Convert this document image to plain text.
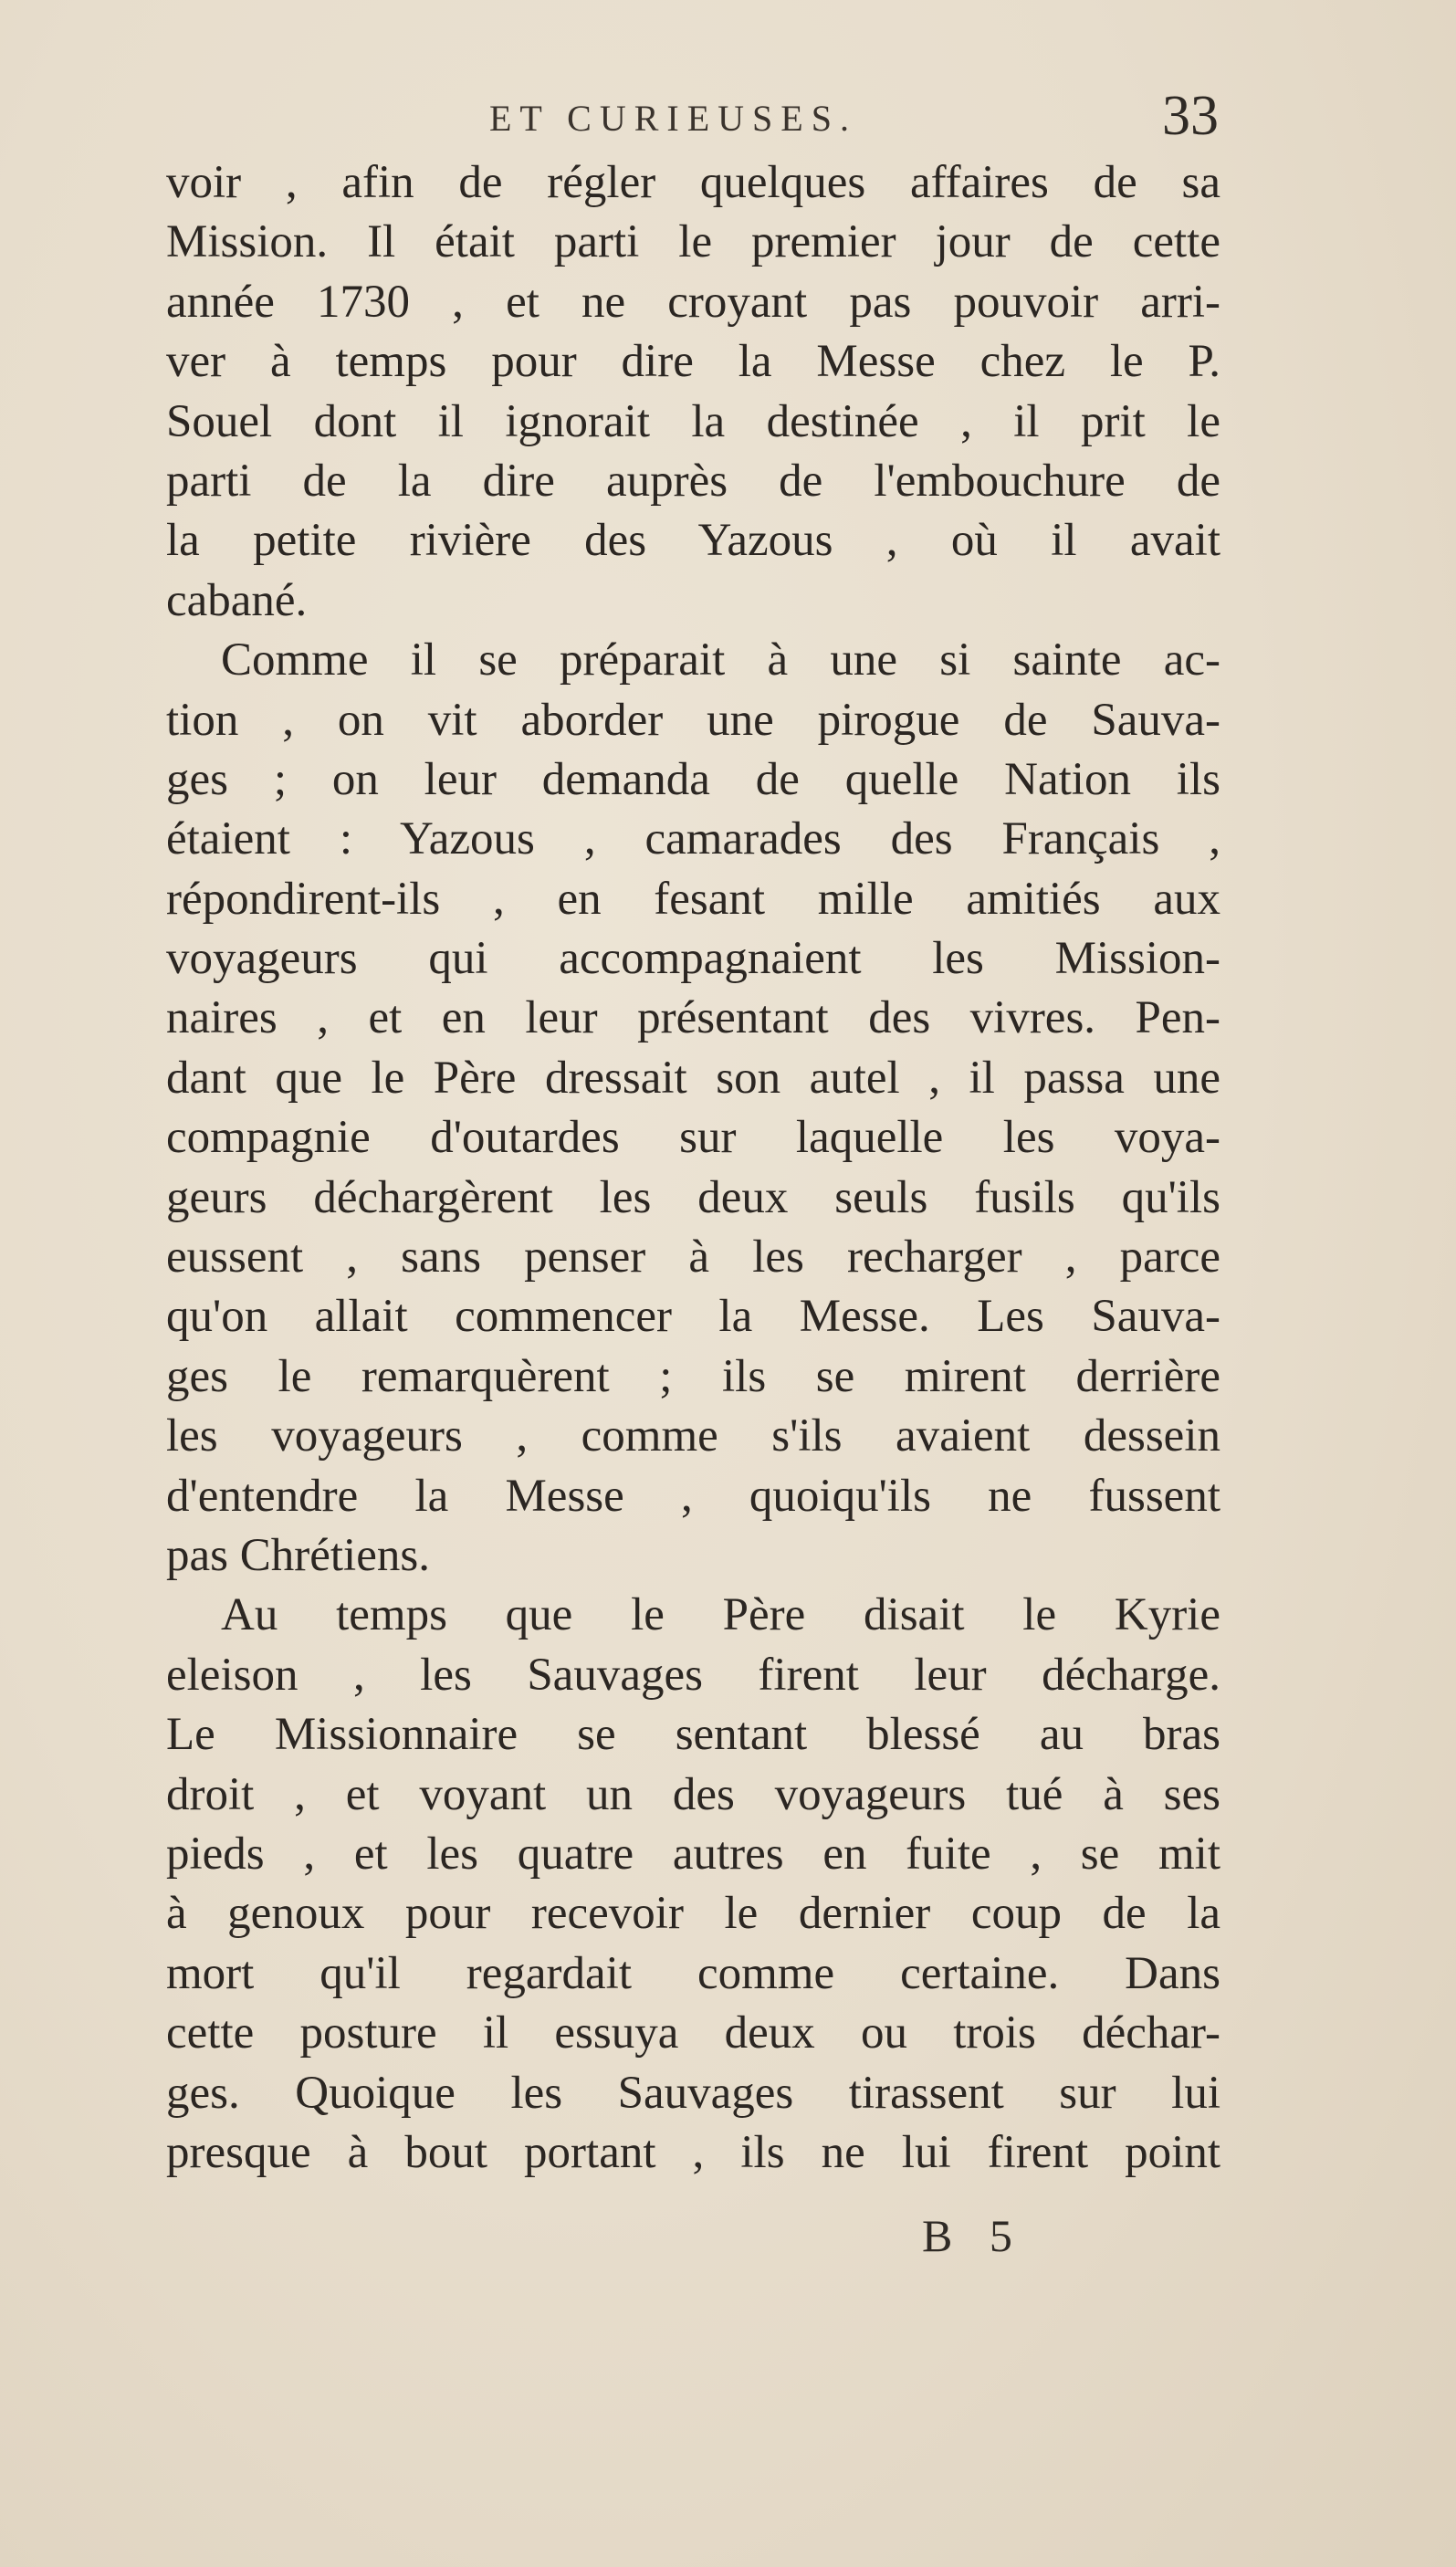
ET CURIEUSES.	33
voir , afin de régler quelques affaires de sa
Mission. Il était parti le premier jour de cette
année 1730 , et ne croyant pas pouvoir arri-
ver à temps pour dire la Messe chez le P.
Souel dont il ignorait la destinée , il prit le
parti de la dire auprès de l'embouchure de
la petite rivière des Yazous , où il avait
cabané.
Comme il se préparait à une si sainte ac-
tion , on vit aborder une pirogue de Sauva-
ges ; on leur demanda de quelle Nation ils
étaient : Yazous , camarades des Français ,
répondirent-ils , en fesant mille amitiés aux
voyageurs qui accompagnaient les Mission-
naires , et en leur présentant des vivres. Pen-
dant que le Père dressait son autel , il passa une
compagnie d'outardes sur laquelle les voya-
geurs déchargèrent les deux seuls fusils qu'ils
eussent , sans penser à les recharger , parce
qu'on allait commencer la Messe. Les Sauva-
ges le remarquèrent ; ils se mirent derrière
les voyageurs , comme s'ils avaient dessein
d'entendre la Messe , quoiqu'ils ne fussent
pas Chrétiens.
Au temps que le Père disait le Kyrie
eleison , les Sauvages firent leur décharge.
Le Missionnaire se sentant blessé au bras
droit , et voyant un des voyageurs tué à ses
pieds , et les quatre autres en fuite , se mit
à genoux pour recevoir le dernier coup de la
mort qu'il regardait comme certaine. Dans
cette posture il essuya deux ou trois déchar-
ges. Quoique les Sauvages tirassent sur lui
presque à bout portant , ils ne lui firent point
B 5
